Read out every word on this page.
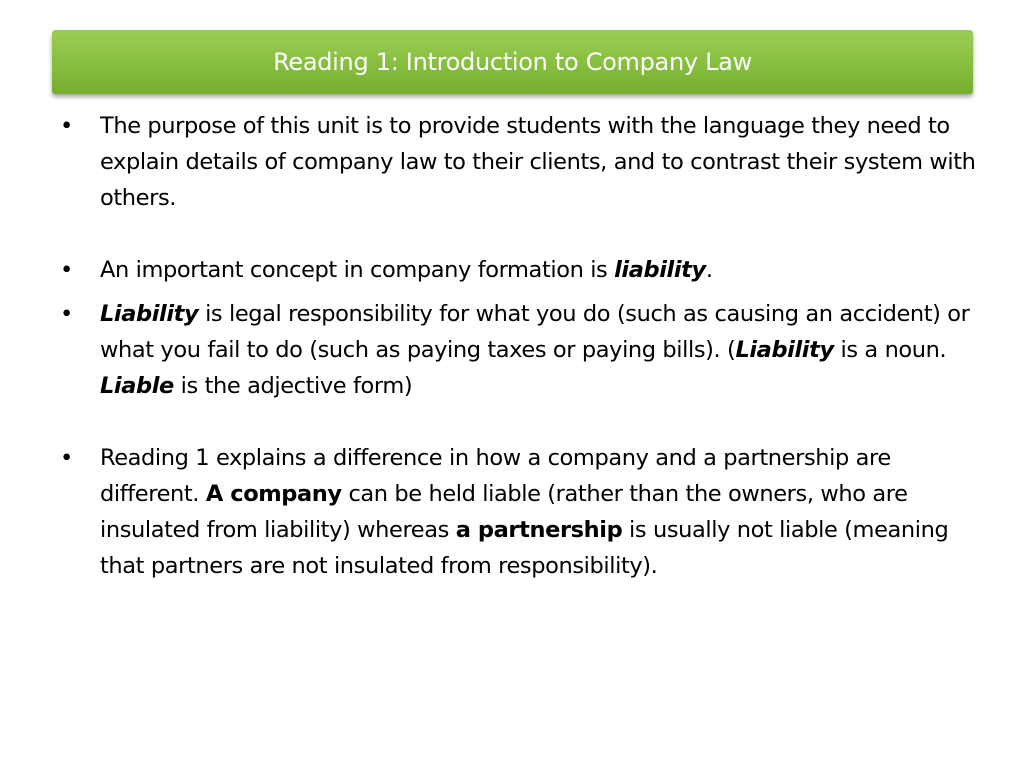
Reading 1: Introduction to Company Law
•	The purpose of this unit is to provide students with the language they need to explain details of company law to their clients, and to contrast their system with others.
•	An important concept in company formation is liability.
•	Liability is legal responsibility for what you do (such as causing an accident) or what you fail to do (such as paying taxes or paying bills). (Liability is a noun. Liable is the adjective form)
•	Reading 1 explains a difference in how a company and a partnership are different. A company can be held liable (rather than the owners, who are insulated from liability) whereas a partnership is usually not liable (meaning that partners are not insulated from responsibility).
